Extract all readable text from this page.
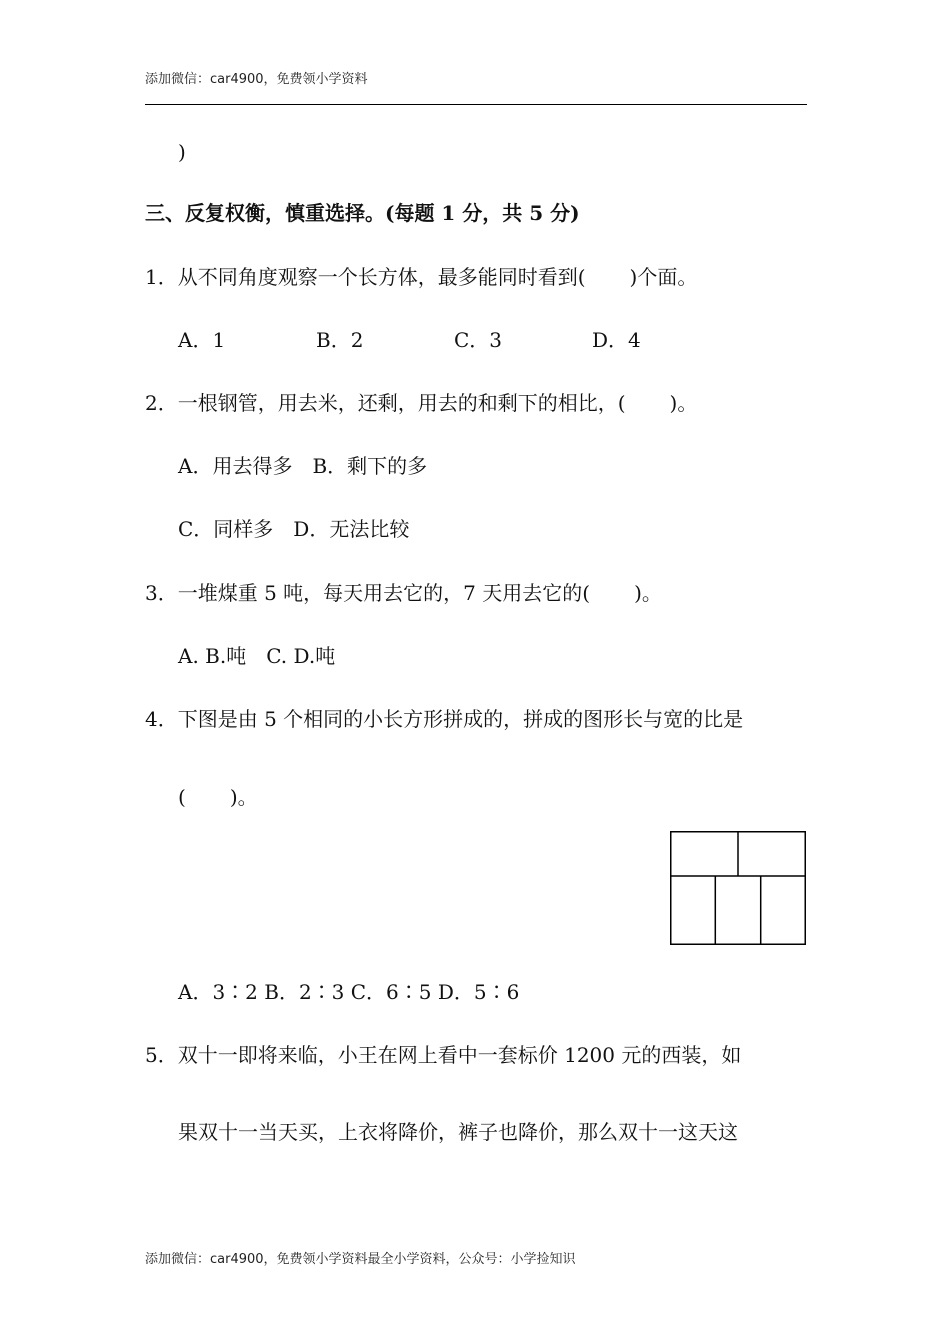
添加微信：car4900，免费领小学资料
)
三、反复权衡，慎重选择。(每题 1 分，共 5 分)
1．从不同角度观察一个长方体，最多能同时看到( )个面。
A．1	B．2	C．3	D．4
2．一根钢管，用去米，还剩，用去的和剩下的相比，( )。
A．用去得多　B．剩下的多
C．同样多　D．无法比较
3．一堆煤重 5 吨，每天用去它的，7 天用去它的( )。
A. B.吨　C. D.吨
4．下图是由 5 个相同的小长方形拼成的，拼成的图形长与宽的比是
( )。
A．3∶2 B．2∶3 C．6∶5 D．5∶6
5．双十一即将来临，小王在网上看中一套标价 1200 元的西装，如
果双十一当天买，上衣将降价，裤子也降价，那么双十一这天这
添加微信：car4900，免费领小学资料最全小学资料，公众号：小学捡知识
